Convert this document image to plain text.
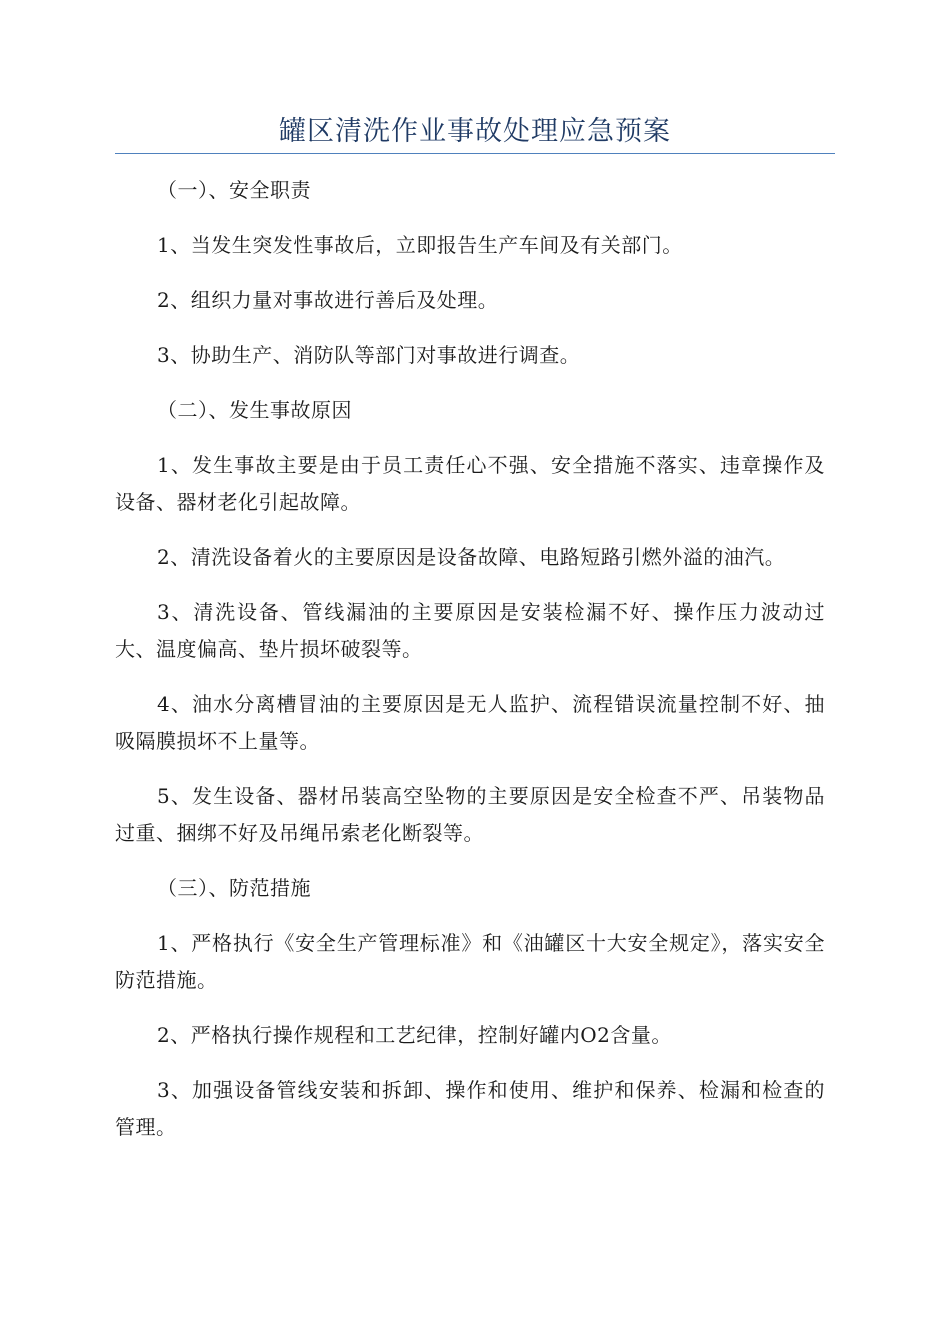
罐区清洗作业事故处理应急预案

（一）、安全职责

1、当发生突发性事故后，立即报告生产车间及有关部门。

2、组织力量对事故进行善后及处理。

3、协助生产、消防队等部门对事故进行调查。

（二）、发生事故原因

1、发生事故主要是由于员工责任心不强、安全措施不落实、违章操作及设备、器材老化引起故障。

2、清洗设备着火的主要原因是设备故障、电路短路引燃外溢的油汽。

3、清洗设备、管线漏油的主要原因是安装检漏不好、操作压力波动过大、温度偏高、垫片损坏破裂等。

4、油水分离槽冒油的主要原因是无人监护、流程错误流量控制不好、抽吸隔膜损坏不上量等。

5、发生设备、器材吊装高空坠物的主要原因是安全检查不严、吊装物品过重、捆绑不好及吊绳吊索老化断裂等。

（三）、防范措施

1、严格执行《安全生产管理标准》和《油罐区十大安全规定》，落实安全防范措施。

2、严格执行操作规程和工艺纪律，控制好罐内O2含量。

3、加强设备管线安装和拆卸、操作和使用、维护和保养、检漏和检查的管理。
